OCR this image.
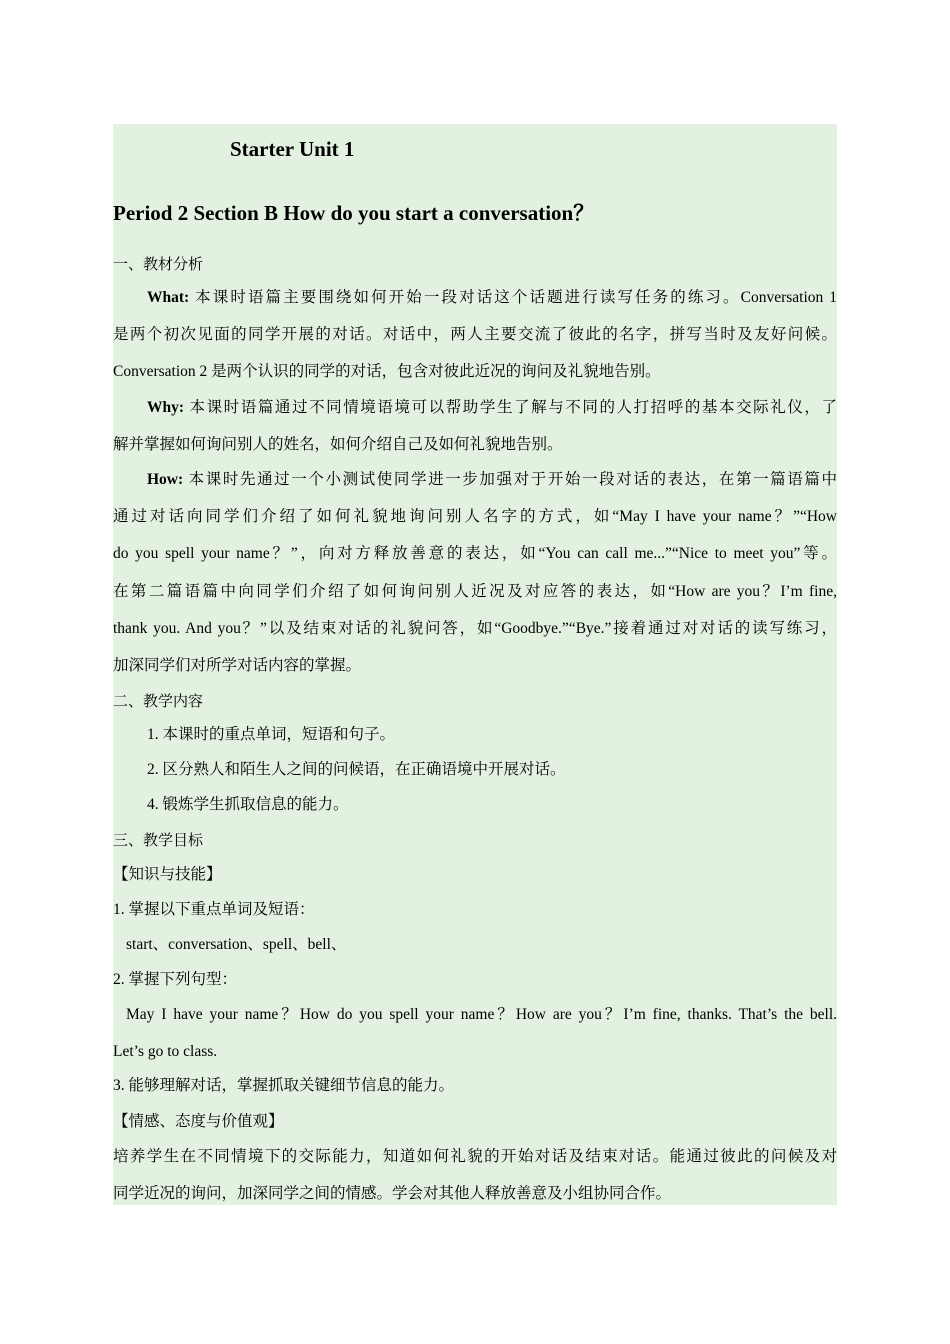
Starter Unit 1
Period 2 Section B How do you start a conversation？
一、教材分析
What: 本课时语篇主要围绕如何开始一段对话这个话题进行读写任务的练习。Conversation 1
是两个初次见面的同学开展的对话。对话中，两人主要交流了彼此的名字，拼写当时及友好问候。
Conversation 2 是两个认识的同学的对话，包含对彼此近况的询问及礼貌地告别。
Why: 本课时语篇通过不同情境语境可以帮助学生了解与不同的人打招呼的基本交际礼仪，了
解并掌握如何询问别人的姓名，如何介绍自己及如何礼貌地告别。
How: 本课时先通过一个小测试使同学进一步加强对于开始一段对话的表达，在第一篇语篇中
通过对话向同学们介绍了如何礼貌地询问别人名字的方式，如“May I have your name？”“How
do you spell your name？”，向对方释放善意的表达，如“You can call me...”“Nice to meet you”等。
在第二篇语篇中向同学们介绍了如何询问别人近况及对应答的表达，如“How are you？I’m fine,
thank you. And you？”以及结束对话的礼貌问答，如“Goodbye.”“Bye.”接着通过对对话的读写练习，
加深同学们对所学对话内容的掌握。
二、教学内容
1. 本课时的重点单词，短语和句子。
2. 区分熟人和陌生人之间的问候语，在正确语境中开展对话。
4. 锻炼学生抓取信息的能力。
三、教学目标
【知识与技能】
1. 掌握以下重点单词及短语：
start、conversation、spell、bell、
2. 掌握下列句型：
May I have your name？How do you spell your name？How are you？I’m fine, thanks. That’s the bell.
Let’s go to class.
3. 能够理解对话，掌握抓取关键细节信息的能力。
【情感、态度与价值观】
培养学生在不同情境下的交际能力，知道如何礼貌的开始对话及结束对话。能通过彼此的问候及对
同学近况的询问，加深同学之间的情感。学会对其他人释放善意及小组协同合作。
